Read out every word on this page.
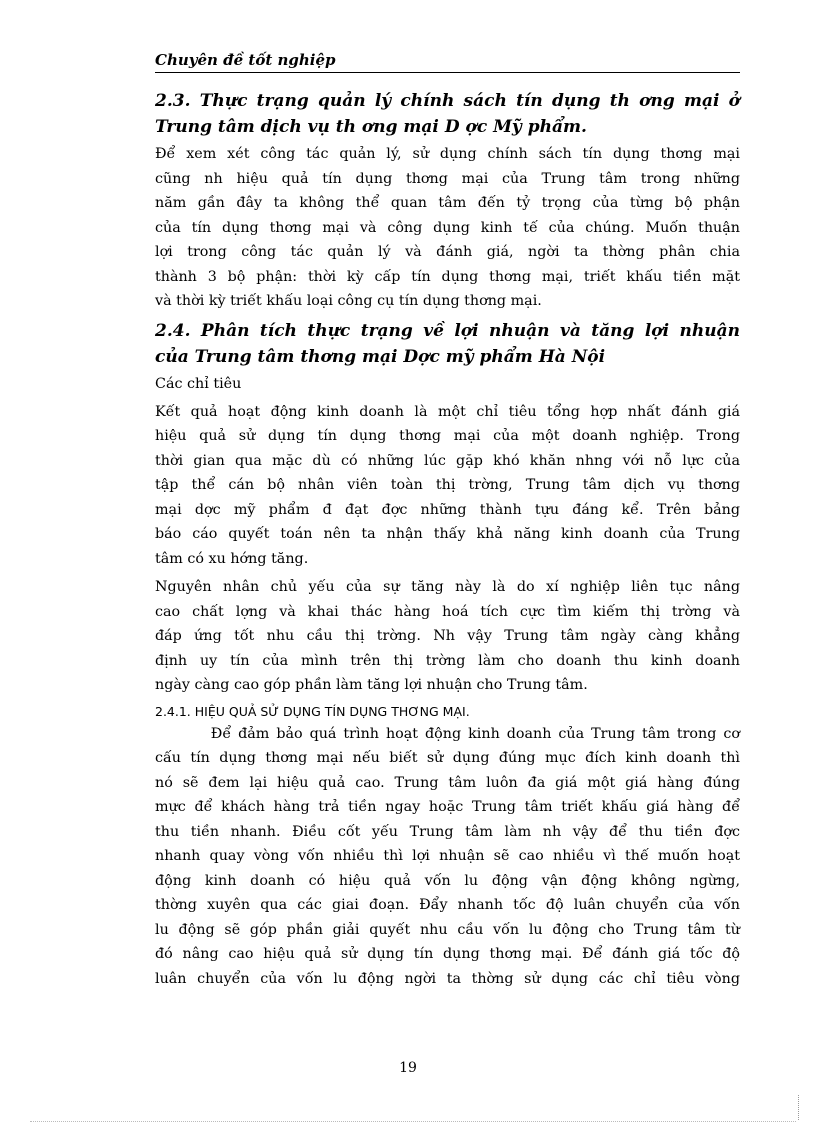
Chuyên đề tốt nghiệp
2.3. Thực trạng quản lý chính sách tín dụng th ơng mại ở
Trung tâm dịch vụ th ơng mại D ợc Mỹ phẩm.
Để xem xét công tác quản lý, sử dụng chính sách tín dụng thơng mại
cũng nh hiệu quả tín dụng thơng mại của Trung tâm trong những
năm gần đây ta không thể quan tâm đến tỷ trọng của từng bộ phận
của tín dụng thơng mại và công dụng kinh tế của chúng. Muốn thuận
lợi trong công tác quản lý và đánh giá, ngời ta thờng phân chia
thành 3 bộ phận: thời kỳ cấp tín dụng thơng mại, triết khấu tiền mặt
và thời kỳ triết khấu loại công cụ tín dụng thơng mại.
2.4. Phân tích thực trạng về lợi nhuận và tăng lợi nhuận
của Trung tâm thơng mại Dợc mỹ phẩm Hà Nội
Các chỉ tiêu
Kết quả hoạt động kinh doanh là một chỉ tiêu tổng hợp nhất đánh giá
hiệu quả sử dụng tín dụng thơng mại của một doanh nghiệp. Trong
thời gian qua mặc dù có những lúc gặp khó khăn nhng với nỗ lực của
tập thể cán bộ nhân viên toàn thị trờng, Trung tâm dịch vụ thơng
mại dợc mỹ phẩm đ đạt đợc những thành tựu đáng kể. Trên bảng
báo cáo quyết toán nên ta nhận thấy khả năng kinh doanh của Trung
tâm có xu hớng tăng.
Nguyên nhân chủ yếu của sự tăng này là do xí nghiệp liên tục nâng
cao chất lợng và khai thác hàng hoá tích cực tìm kiếm thị trờng và
đáp ứng tốt nhu cầu thị trờng. Nh vậy Trung tâm ngày càng khẳng
định uy tín của mình trên thị trờng làm cho doanh thu kinh doanh
ngày càng cao góp phần làm tăng lợi nhuận cho Trung tâm.
2.4.1. HIỆU QUẢ SỬ DỤNG TÍN DỤNG THƠNG MẠI.
Để đảm bảo quá trình hoạt động kinh doanh của Trung tâm trong cơ
cấu tín dụng thơng mại nếu biết sử dụng đúng mục đích kinh doanh thì
nó sẽ đem lại hiệu quả cao. Trung tâm luôn đa giá một giá hàng đúng
mực để khách hàng trả tiền ngay hoặc Trung tâm triết khấu giá hàng để
thu tiền nhanh. Điều cốt yếu Trung tâm làm nh vậy để thu tiền đợc
nhanh quay vòng vốn nhiều thì lợi nhuận sẽ cao nhiều vì thế muốn hoạt
động kinh doanh có hiệu quả vốn lu động vận động không ngừng,
thờng xuyên qua các giai đoạn. Đẩy nhanh tốc độ luân chuyển của vốn
lu động sẽ góp phần giải quyết nhu cầu vốn lu động cho Trung tâm từ
đó nâng cao hiệu quả sử dụng tín dụng thơng mại. Để đánh giá tốc độ
luân chuyển của vốn lu động ngời ta thờng sử dụng các chỉ tiêu vòng
19
